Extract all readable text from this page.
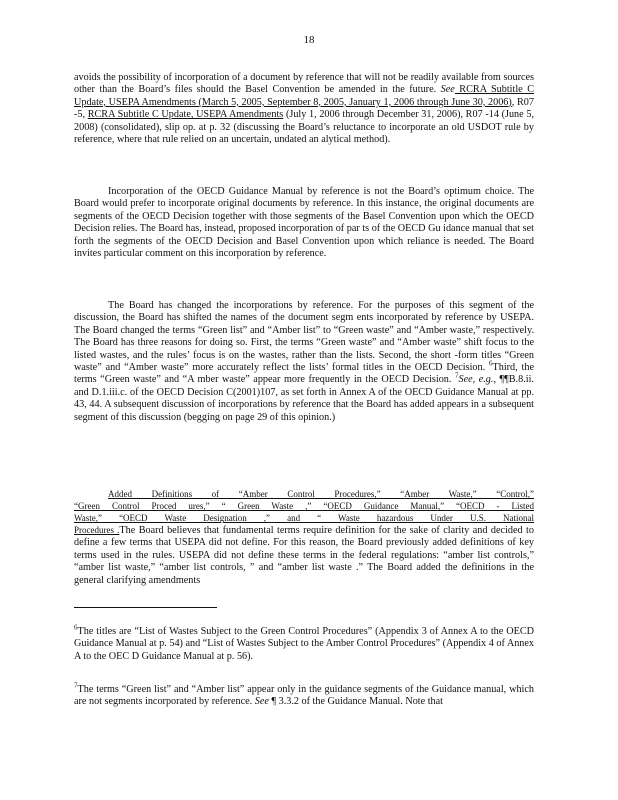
18
avoids the possibility of incorporation of a document by reference that will not be readily available from sources other than the Board’s files should the Basel Convention be amended in the future. See RCRA Subtitle C Update, USEPA Amendments (March 5, 2005, September 8, 2005, January 1, 2006 through June 30, 2006), R07 -5, RCRA Subtitle C Update, USEPA Amendments (July 1, 2006 through December 31, 2006), R07 -14 (June 5, 2008) (consolidated), slip op. at p. 32 (discussing the Board’s reluctance to incorporate an old USDOT rule by reference, where that rule relied on an uncertain, undated an alytical method).
Incorporation of the OECD Guidance Manual by reference is not the Board’s optimum choice. The Board would prefer to incorporate original documents by reference. In this instance, the original documents are segments of the OECD Decision together with those segments of the Basel Convention upon which the OECD Decision relies. The Board has, instead, proposed incorporation of par ts of the OECD Gu idance manual that set forth the segments of the OECD Decision and Basel Convention upon which reliance is needed. The Board invites particular comment on this incorporation by reference.
The Board has changed the incorporations by reference. For the purposes of this segment of the discussion, the Board has shifted the names of the document segm ents incorporated by reference by USEPA. The Board changed the terms “Green list” and “Amber list” to “Green waste” and “Amber waste,” respectively. The Board has three reasons for doing so. First, the terms “Green waste” and “Amber waste” shift focus to the listed wastes, and the rules’ focus is on the wastes, rather than the lists. Second, the short -form titles “Green waste” and “Amber waste” more accurately reflect the lists’ formal titles in the OECD Decision. $^6$Third, the terms “Green waste” and “A mber waste” appear more frequently in the OECD Decision. $^7$See, e.g., ¶¶B.8.ii. and D.1.iii.c. of the OECD Decision C(2001)107, as set forth in Annex A of the OECD Guidance Manual at pp. 43, 44. A subsequent discussion of incorporations by reference that the Board has added appears in a subsequent segment of this discussion (begging on page 29 of this opinion.)
Added Definitions of “Amber Control Procedures,” “Amber Waste,” “Control,”
“Green Control Proced ures,” “ Green Waste ,” “OECD Guidance Manual,” “OECD - Listed
Waste,” “OECD Waste Designation ,” and “ Waste hazardous Under U.S. National
Procedures .The Board believes that fundamental terms require definition for the sake of clarity and decided to define a few terms that USEPA did not define. For this reason, the Board previously added definitions of key terms used in the rules. USEPA did not define these terms in the federal regulations: “amber list controls,” “amber list waste,” “amber list controls, ” and “amber list waste .” The Board added the definitions in the general clarifying amendments
$^6$The titles are “List of Wastes Subject to the Green Control Procedures” (Appendix 3 of Annex A to the OECD Guidance Manual at p. 54) and “List of Wastes Subject to the Amber Control Procedures” (Appendix 4 of Annex A to the OEC D Guidance Manual at p. 56).
$^7$The terms “Green list” and “Amber list” appear only in the guidance segments of the Guidance manual, which are not segments incorporated by reference. See ¶ 3.3.2 of the Guidance Manual. Note that
